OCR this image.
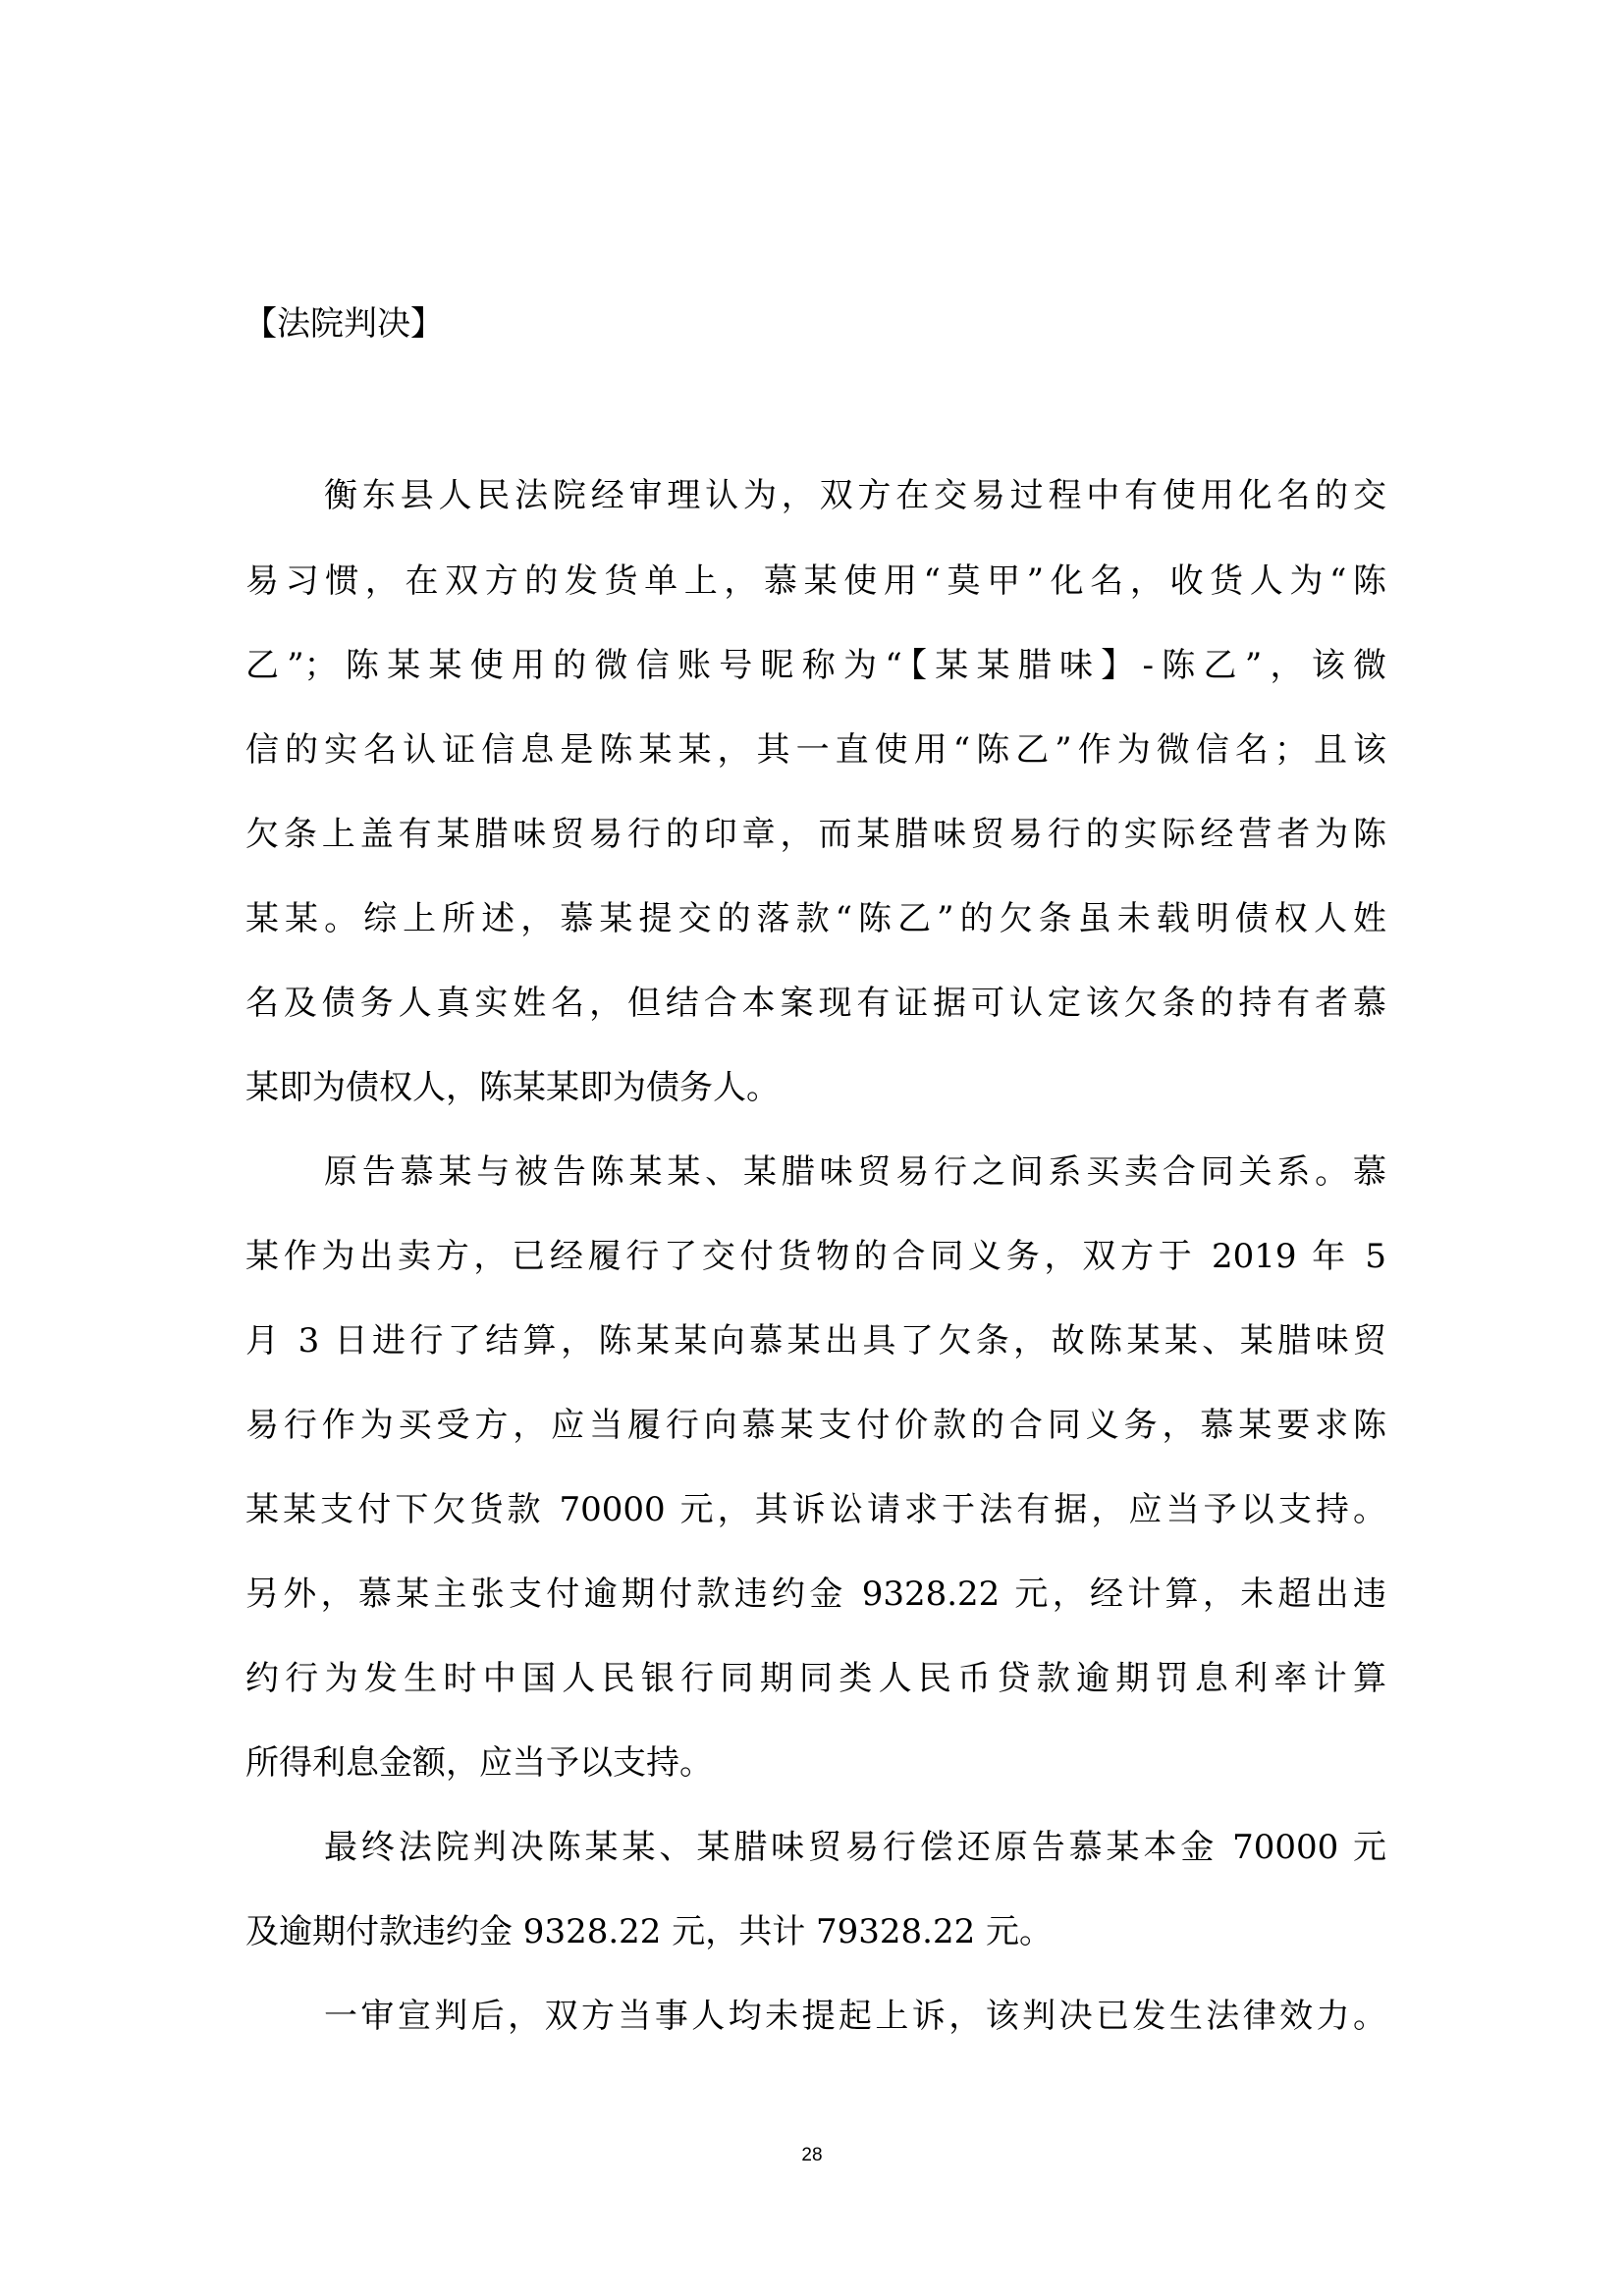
【法院判决】
衡东县人民法院经审理认为，双方在交易过程中有使用化名的交
易习惯，在双方的发货单上，慕某使用“莫甲”化名，收货人为“陈
乙”；陈某某使用的微信账号昵称为“【某某腊味】-陈乙”，该微
信的实名认证信息是陈某某，其一直使用“陈乙”作为微信名；且该
欠条上盖有某腊味贸易行的印章，而某腊味贸易行的实际经营者为陈
某某。综上所述，慕某提交的落款“陈乙”的欠条虽未载明债权人姓
名及债务人真实姓名，但结合本案现有证据可认定该欠条的持有者慕
某即为债权人，陈某某即为债务人。
原告慕某与被告陈某某、某腊味贸易行之间系买卖合同关系。慕
某作为出卖方，已经履行了交付货物的合同义务，双方于 2019 年 5
月 3 日进行了结算，陈某某向慕某出具了欠条，故陈某某、某腊味贸
易行作为买受方，应当履行向慕某支付价款的合同义务，慕某要求陈
某某支付下欠货款 70000 元，其诉讼请求于法有据，应当予以支持。
另外，慕某主张支付逾期付款违约金 9328.22 元，经计算，未超出违
约行为发生时中国人民银行同期同类人民币贷款逾期罚息利率计算
所得利息金额，应当予以支持。
最终法院判决陈某某、某腊味贸易行偿还原告慕某本金 70000 元
及逾期付款违约金 9328.22 元，共计 79328.22 元。
一审宣判后，双方当事人均未提起上诉，该判决已发生法律效力。
28
